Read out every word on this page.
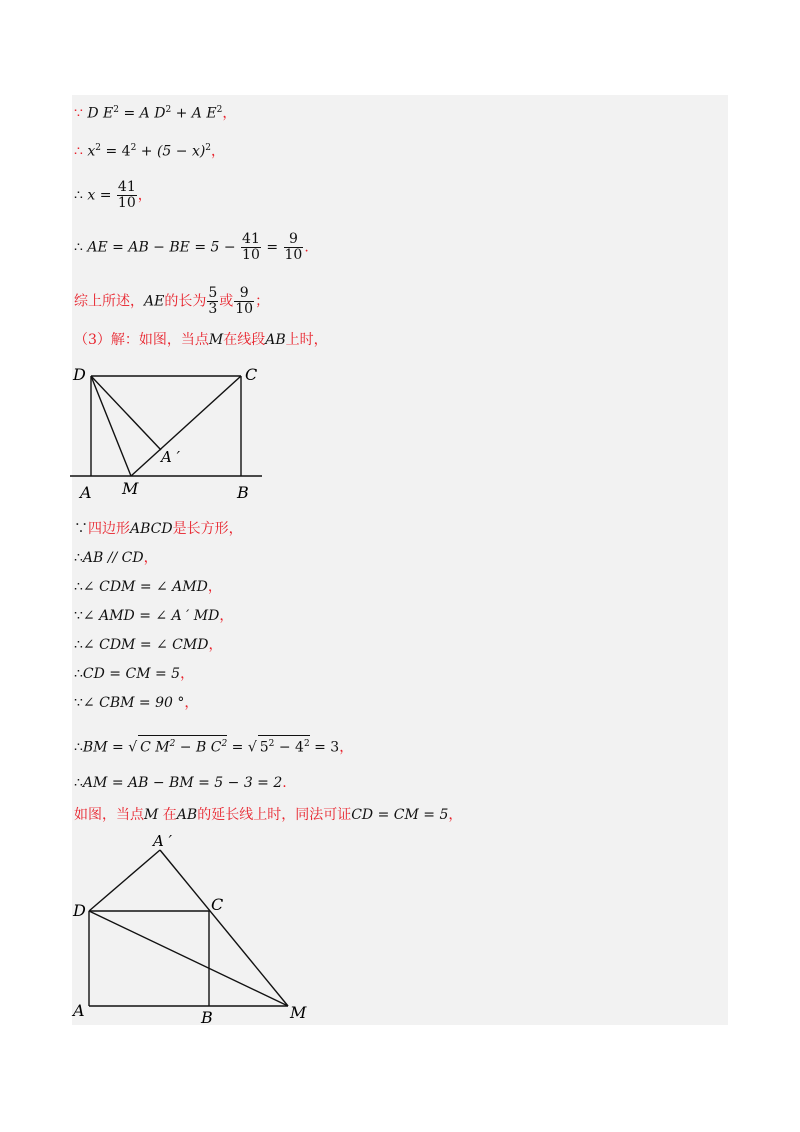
∵ D $E^2 = A$ $D^2 + A$ $E^2$，
∴ $x^2 = 4^2 + (5 - x)^2$，
∴ $x = \frac{41}{10}$ ，
∴ AE = AB − BE = $5 - \frac{41}{10} = \frac{9}{10}$ .
综上所述，AE的长为 $\frac{5}{3}$ 或 $\frac{9}{10}$ ；
（3）解：如图，当点M在线段AB上时，
D	C
A M	B
A ′
∵四边形ABCD是长方形，
∴AB // CD，
∴∠ CDM = ∠ AMD，
∵∠ AMD = ∠ A ′ MD，
∴∠ CDM = ∠ CMD，
∴CD = CM = 5，
∵∠ CBM = 90 °，
∴BM = √ C $M^2 - B$ $C^2$ = √ $5^2 - 4^2 = 3$，
∴AM = AB − BM = 5 − 3 = 2.
如图，当点M 在AB的延长线上时，同法可证CD = CM = 5，
A ′
D	C
A	B	M
